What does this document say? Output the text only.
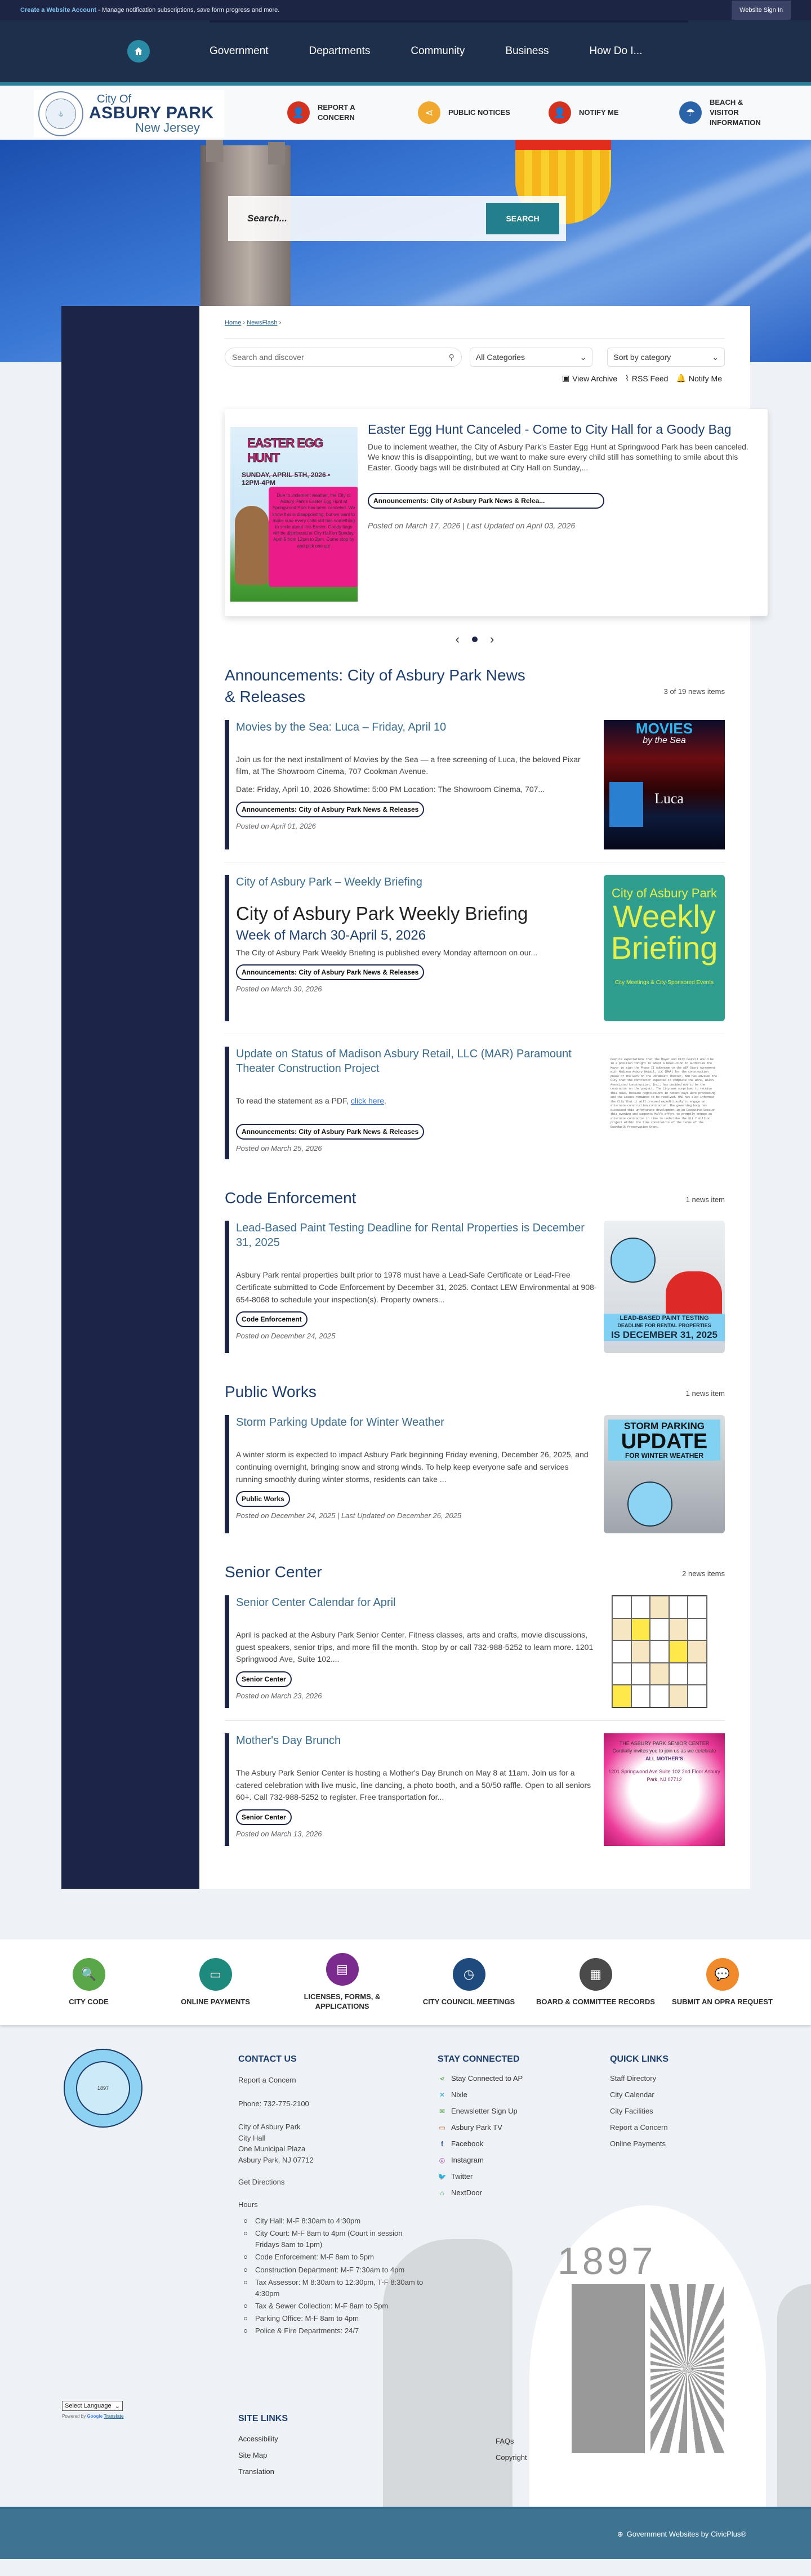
Create a Website Account - Manage notification subscriptions, save form progress and more.	Website Sign In
Government	Departments	Community	Business	How Do I...
⚓
City Of
ASBURY PARK
New Jersey
👤	REPORT A CONCERN	⋖	PUBLIC NOTICES	👤	NOTIFY ME	☂
BEACH & VISITOR INFORMATION
Search...	SEARCH
Home › NewsFlash ›
Search and discover	⚲	All Categories	⌄	Sort by category	⌄
▣ View Archive ⌇ RSS Feed 🔔 Notify Me
EASTER EGG HUNT
SUNDAY, APRIL 5TH, 2026 • 12PM-4PM
Due to inclement weather, the City of Asbury Park's Easter Egg Hunt at Springwood Park has been canceled. We know this is disappointing, but we want to make sure every child still has something to smile about this Easter. Goody bags will be distributed at City Hall on Sunday, April 5 from 12pm to 2pm. Come stop by and pick one up!
Easter Egg Hunt Canceled - Come to City Hall for a Goody Bag
Due to inclement weather, the City of Asbury Park's Easter Egg Hunt at Springwood Park has been canceled. We know this is disappointing, but we want to make sure every child still has something to smile about this Easter. Goody bags will be distributed at City Hall on Sunday,...
Announcements: City of Asbury Park News & Relea...
Posted on March 17, 2026 | Last Updated on April 03, 2026
‹ ›
Announcements: City of Asbury Park News & Releases	3 of 19 news items
Movies by the Sea: Luca – Friday, April 10
Join us for the next installment of Movies by the Sea — a free screening of Luca, the beloved Pixar film, at The Showroom Cinema, 707 Cookman Avenue.
Date: Friday, April 10, 2026 Showtime: 5:00 PM Location: The Showroom Cinema, 707...
Announcements: City of Asbury Park News & Releases
Posted on April 01, 2026
MOVIES
by the Sea
Luca
City of Asbury Park – Weekly Briefing
City of Asbury Park Weekly Briefing
Week of March 30-April 5, 2026
The City of Asbury Park Weekly Briefing is published every Monday afternoon on our...
Announcements: City of Asbury Park News & Releases
Posted on March 30, 2026
City of Asbury Park
Weekly Briefing
City Meetings & City-Sponsored Events
Update on Status of Madison Asbury Retail, LLC (MAR) Paramount Theater Construction Project
To read the statement as a PDF, click here.
Announcements: City of Asbury Park News & Releases
Posted on March 25, 2026
Despite expectations that the Mayor and City Council would be in a position tonight to adopt a Resolution to authorize the Mayor to sign the Phase II Addendum to the AIR Start Agreement with Madison Asbury Retail, LLC (MAR) for the construction phase of the work on the Paramount Theater, MAR has advised the City that the contractor expected to complete the work, Walsh Associated Construction, Inc., has decided not to be the contractor on the project. The City was surprised to receive this news, because negotiations in recent days were proceeding and the issues remained to be resolved. MAR has also informed the City that it will proceed expeditiously to engage an alternate construction contractor. The governing body has discussed this unfortunate development in an Executive Session this evening and supports MAR's effort to promptly engage an alternate contractor in time to undertake the $11.7 million project within the time constraints of the terms of the Boardwalk Preservation Grant.
Code Enforcement	1 news item
Lead-Based Paint Testing Deadline for Rental Properties is December 31, 2025
Asbury Park rental properties built prior to 1978 must have a Lead-Safe Certificate or Lead-Free Certificate submitted to Code Enforcement by December 31, 2025. Contact LEW Environmental at 908-654-8068 to schedule your inspection(s). Property owners...
Code Enforcement
Posted on December 24, 2025
LEAD-BASED PAINT TESTING
DEADLINE FOR RENTAL PROPERTIES
IS DECEMBER 31, 2025
Public Works	1 news item
Storm Parking Update for Winter Weather
A winter storm is expected to impact Asbury Park beginning Friday evening, December 26, 2025, and continuing overnight, bringing snow and strong winds. To help keep everyone safe and services running smoothly during winter storms, residents can take ...
Public Works
Posted on December 24, 2025 | Last Updated on December 26, 2025
STORM PARKING
UPDATE
FOR WINTER WEATHER
Senior Center	2 news items
Senior Center Calendar for April
April is packed at the Asbury Park Senior Center. Fitness classes, arts and crafts, movie discussions, guest speakers, senior trips, and more fill the month. Stop by or call 732-988-5252 to learn more. 1201 Springwood Ave, Suite 102....
Senior Center
Posted on March 23, 2026
Mother's Day Brunch
The Asbury Park Senior Center is hosting a Mother's Day Brunch on May 8 at 11am. Join us for a catered celebration with live music, line dancing, a photo booth, and a 50/50 raffle. Open to all seniors 60+. Call 732-988-5252 to register. Free transportation for...
Senior Center
Posted on March 13, 2026
THE ASBURY PARK SENIOR CENTER
Cordially invites you to join us as we celebrate
ALL MOTHER'S
1201 Springwood Ave Suite 102 2nd Floor Asbury Park, NJ 07712
🔍
CITY CODE
▭
ONLINE PAYMENTS
▤
LICENSES, FORMS, & APPLICATIONS
◷
CITY COUNCIL MEETINGS
▦
BOARD & COMMITTEE RECORDS
💬
SUBMIT AN OPRA REQUEST
1897
1897
CONTACT US
Report a Concern
Phone: 732-775-2100
City of Asbury Park
City Hall
One Municipal Plaza
Asbury Park, NJ 07712
Get Directions
Hours
City Hall: M-F 8:30am to 4:30pm
City Court: M-F 8am to 4pm (Court in session Fridays 8am to 1pm)
Code Enforcement: M-F 8am to 5pm
Construction Department: M-F 7:30am to 4pm
Tax Assessor: M 8:30am to 12:30pm, T-F 8:30am to 4:30pm
Tax & Sewer Collection: M-F 8am to 5pm
Parking Office: M-F 8am to 4pm
Police & Fire Departments: 24/7
STAY CONNECTED
⋖ Stay Connected to AP
✕ Nixle
✉ Enewsletter Sign Up
▭ Asbury Park TV
f	Facebook
◎ Instagram
🐦 Twitter
⌂ NextDoor
QUICK LINKS
Staff Directory
City Calendar
City Facilities
Report a Concern
Online Payments
Select Language ⌄
Powered by Google Translate	SITE LINKS
Accessibility
Site Map
Translation
FAQs
Copyright
⊕ Government Websites by CivicPlus®
